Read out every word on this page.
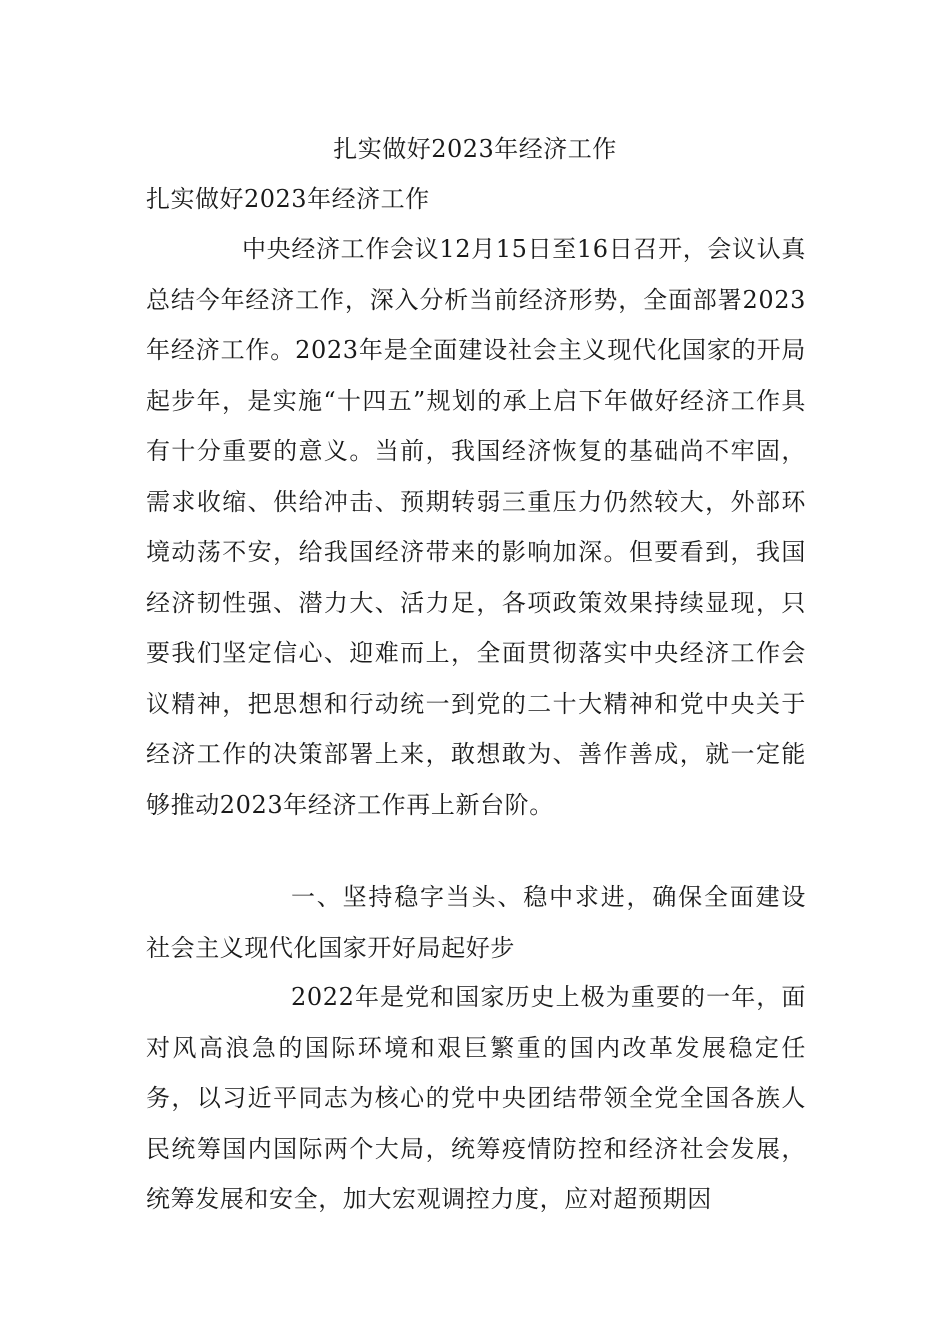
扎实做好2023年经济工作

扎实做好2023年经济工作

中央经济工作会议12月15日至16日召开，会议认真总结今年经济工作，深入分析当前经济形势，全面部署2023年经济工作。2023年是全面建设社会主义现代化国家的开局起步年，是实施“十四五”规划的承上启下年做好经济工作具有十分重要的意义。当前，我国经济恢复的基础尚不牢固，需求收缩、供给冲击、预期转弱三重压力仍然较大，外部环境动荡不安，给我国经济带来的影响加深。但要看到，我国经济韧性强、潜力大、活力足，各项政策效果持续显现，只要我们坚定信心、迎难而上，全面贯彻落实中央经济工作会议精神，把思想和行动统一到党的二十大精神和党中央关于经济工作的决策部署上来，敢想敢为、善作善成，就一定能够推动2023年经济工作再上新台阶。

一、坚持稳字当头、稳中求进，确保全面建设社会主义现代化国家开好局起好步

2022年是党和国家历史上极为重要的一年，面对风高浪急的国际环境和艰巨繁重的国内改革发展稳定任务，以习近平同志为核心的党中央团结带领全党全国各族人民统筹国内国际两个大局，统筹疫情防控和经济社会发展，统筹发展和安全，加大宏观调控力度，应对超预期因
